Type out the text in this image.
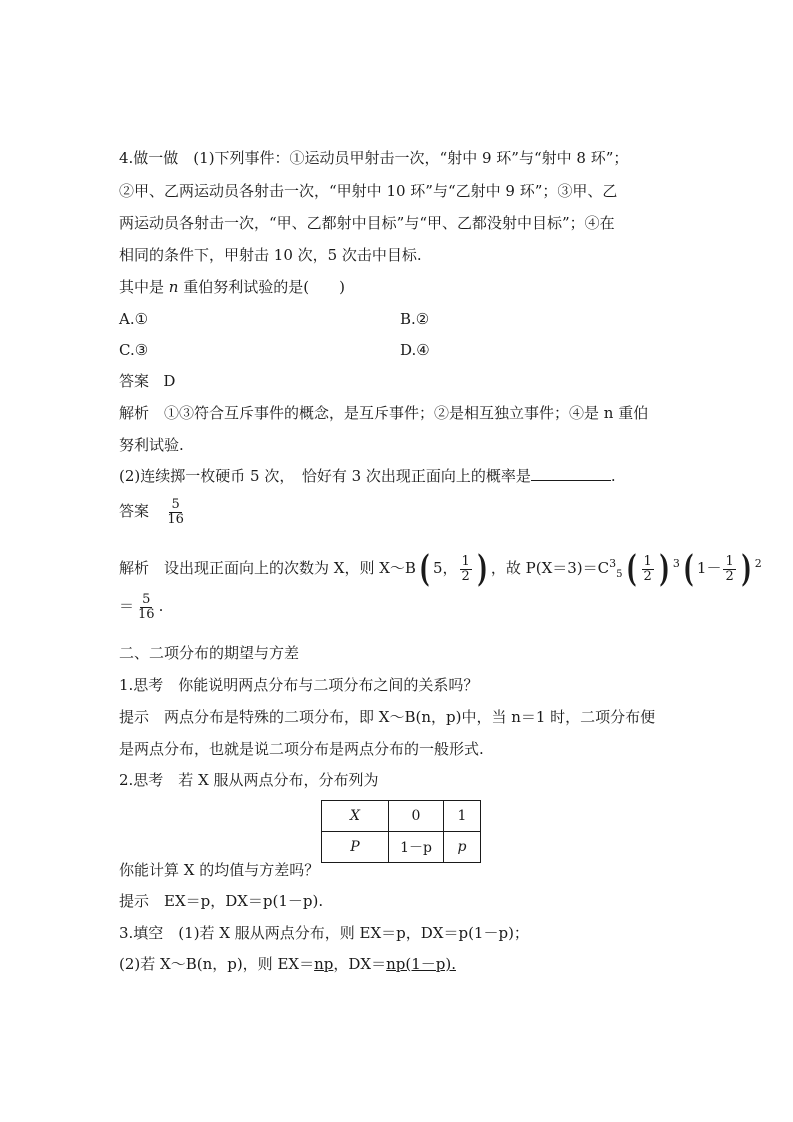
4.做一做　(1)下列事件：①运动员甲射击一次，“射中 9 环”与“射中 8 环”；
②甲、乙两运动员各射击一次，“甲射中 10 环”与“乙射中 9 环”；③甲、乙
两运动员各射击一次，“甲、乙都射中目标”与“甲、乙都没射中目标”；④在
相同的条件下，甲射击 10 次，5 次击中目标.
其中是 n 重伯努利试验的是(　　)
A.①	B.②
C.③	D.④
答案 D
解析　①③符合互斥事件的概念，是互斥事件；②是相互独立事件；④是 n 重伯
努利试验.
(2)连续掷一枚硬币 5 次，　恰好有 3 次出现正面向上的概率是	.
答案 $\frac{5}{16}$
解析　设出现正面向上的次数为 X，则 X～B( 5， $\frac{1}{2}$ ) ，故 $P(X=3)=C^3_5( \frac{1}{2}$ ) $^3$( $1- \frac{1}{2}$ ) $^2$
＝ $\frac{5}{16}$ .
二、二项分布的期望与方差
1.思考　你能说明两点分布与二项分布之间的关系吗？
提示　两点分布是特殊的二项分布，即 X～B(n，p)中，当 n＝1 时，二项分布便
是两点分布，也就是说二项分布是两点分布的一般形式.
2.思考　若 X 服从两点分布，分布列为
X	0	1
P	1－p	p
你能计算 X 的均值与方差吗？
提示　EX＝p，DX＝p(1－p).
3.填空　(1)若 X 服从两点分布，则 EX＝p，DX＝p(1－p)；
(2)若 X～B(n，p)，则 EX＝np，DX＝np(1－p).
